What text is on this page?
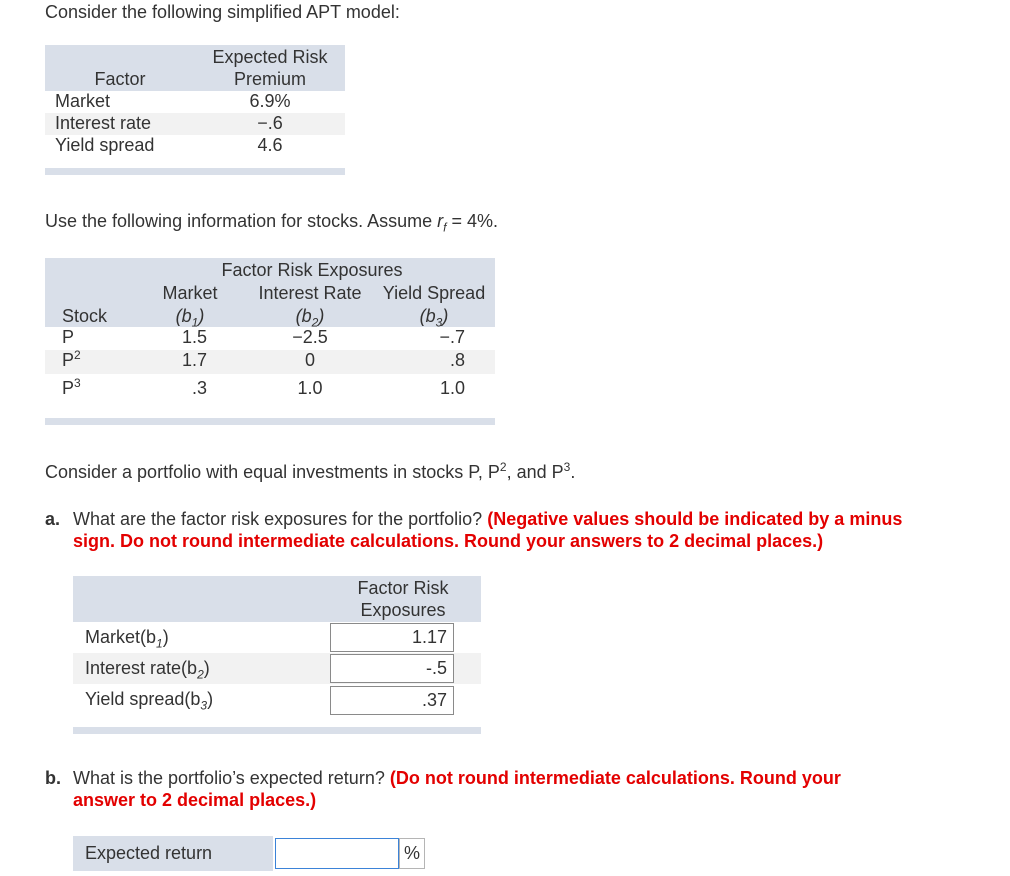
Consider the following simplified APT model:
Expected Risk
Premium
Factor
Market	6.9%
Interest rate	−.6
Yield spread	4.6
Use the following information for stocks. Assume $r_f = 4\%$.
Factor Risk Exposures
Market	Interest Rate	Yield Spread
Stock	$(b_1)$	$(b_2)$	$(b_3)$
P	1.5	−2.5	−.7
$P^2$	1.7	0	.8
$P^3$	.3	1.0	1.0
Consider a portfolio with equal investments in stocks P, $P^2$, and $P^3$.
a. What are the factor risk exposures for the portfolio? (Negative values should be indicated by a minus
sign. Do not round intermediate calculations. Round your answers to 2 decimal places.)
Factor Risk
Exposures
$Market(b_1)$	1.17
Interest $rate(b_2)$	-.5
Yield $spread(b_3)$	.37
b. What is the portfolio’s expected return? (Do not round intermediate calculations. Round your
answer to 2 decimal places.)
Expected return	%
